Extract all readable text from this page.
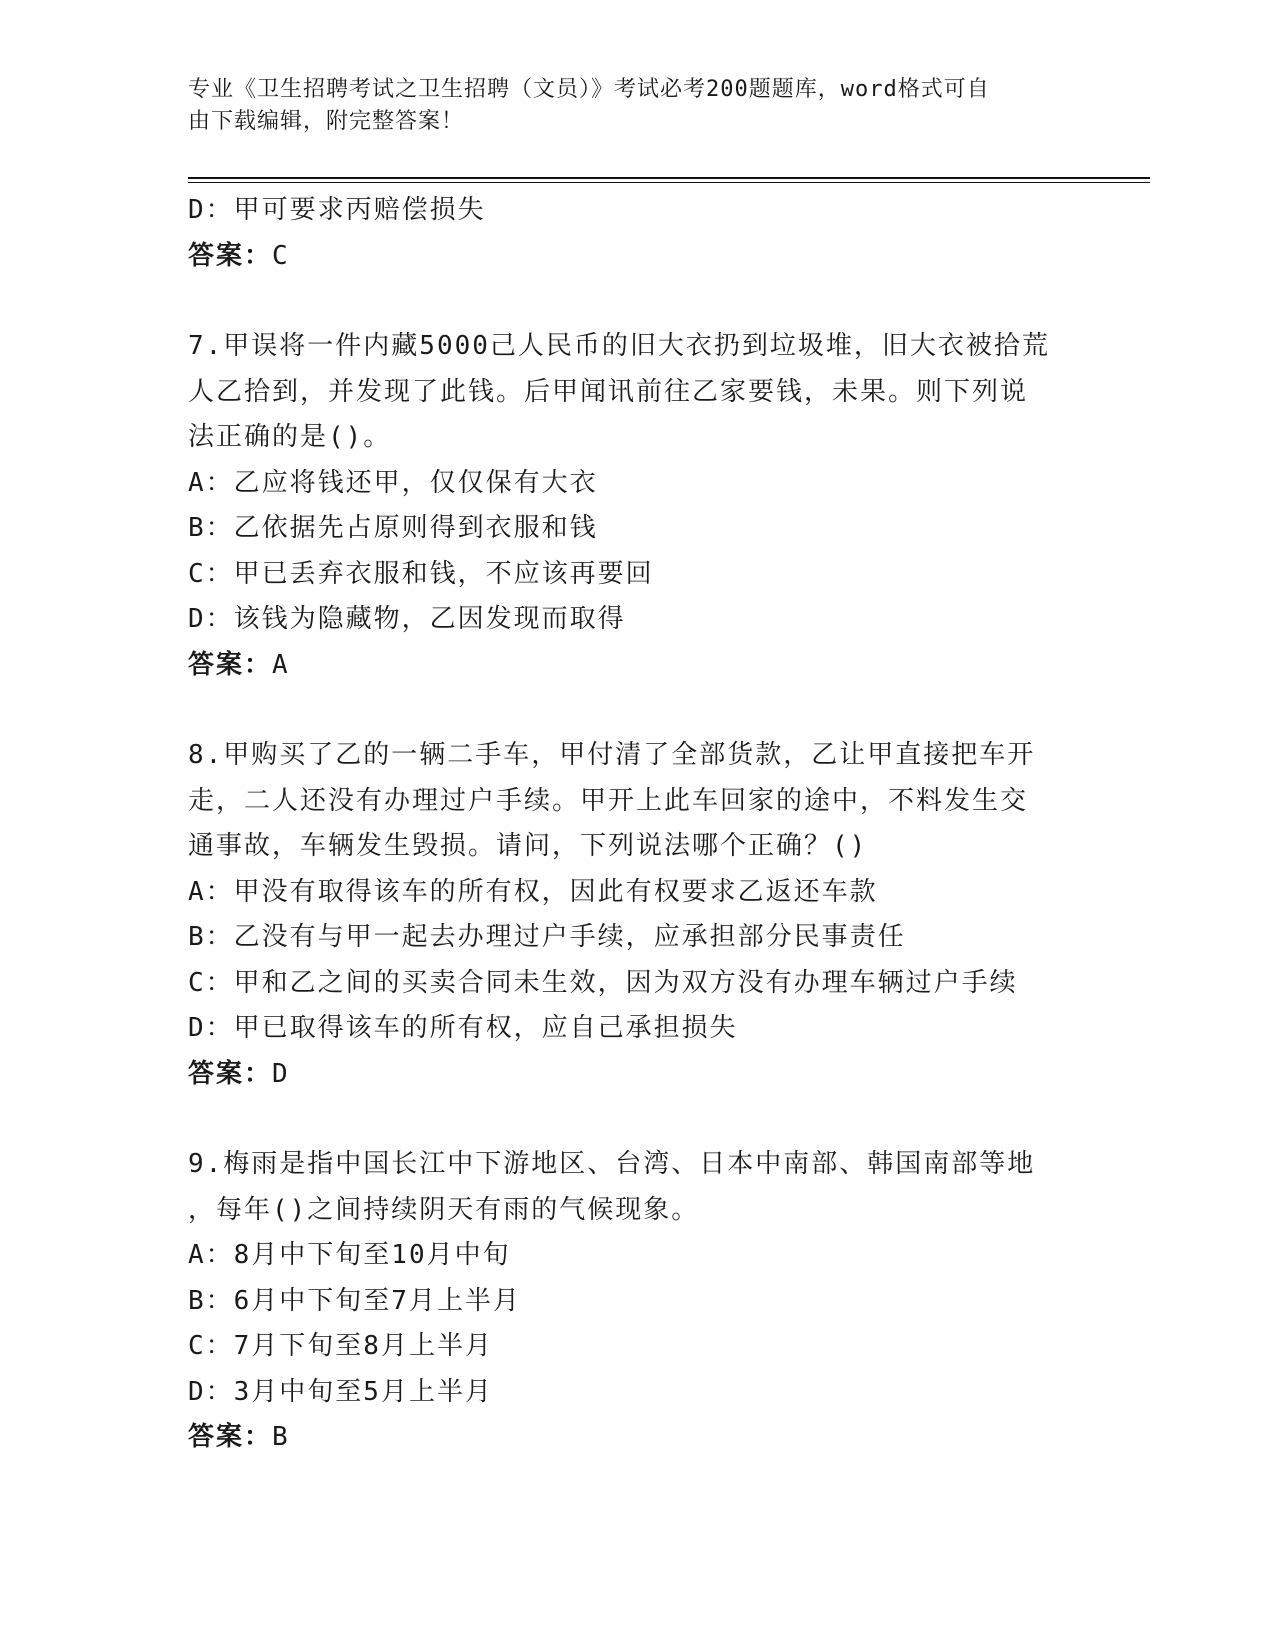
专业《卫生招聘考试之卫生招聘（文员）》考试必考200题题库，word格式可自
由下载编辑，附完整答案！
D：甲可要求丙赔偿损失
答案：C
7.甲误将一件内藏5000己人民币的旧大衣扔到垃圾堆，旧大衣被拾荒
人乙拾到，并发现了此钱。后甲闻讯前往乙家要钱，未果。则下列说
法正确的是()。
A：乙应将钱还甲，仅仅保有大衣
B：乙依据先占原则得到衣服和钱
C：甲已丢弃衣服和钱，不应该再要回
D：该钱为隐藏物，乙因发现而取得
答案：A
8.甲购买了乙的一辆二手车，甲付清了全部货款，乙让甲直接把车开
走，二人还没有办理过户手续。甲开上此车回家的途中，不料发生交
通事故，车辆发生毁损。请问，下列说法哪个正确？()
A：甲没有取得该车的所有权，因此有权要求乙返还车款
B：乙没有与甲一起去办理过户手续，应承担部分民事责任
C：甲和乙之间的买卖合同未生效，因为双方没有办理车辆过户手续
D：甲已取得该车的所有权，应自己承担损失
答案：D
9.梅雨是指中国长江中下游地区、台湾、日本中南部、韩国南部等地
，每年()之间持续阴天有雨的气候现象。
A：8月中下旬至10月中旬
B：6月中下旬至7月上半月
C：7月下旬至8月上半月
D：3月中旬至5月上半月
答案：B
